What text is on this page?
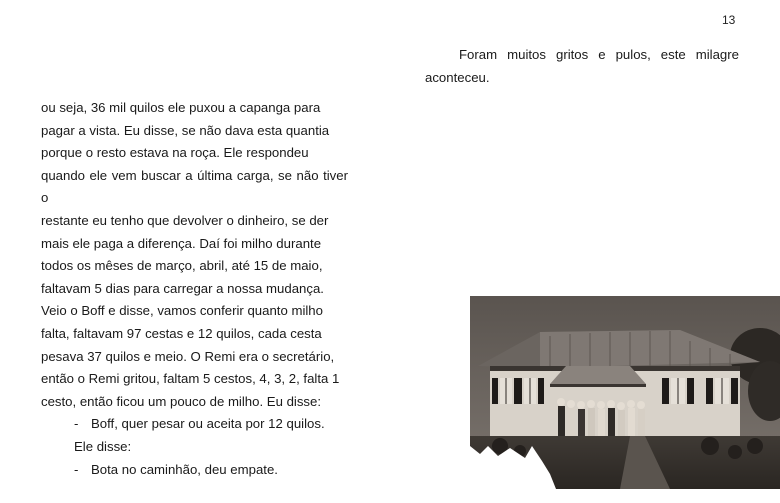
13

Foram muitos gritos e pulos, este milagre aconteceu.

ou seja, 36 mil quilos ele puxou a capanga para
pagar a vista. Eu disse, se não dava esta quantia
porque o resto estava na roça. Ele respondeu
quando ele vem buscar a última carga, se não tiver o
restante eu tenho que devolver o dinheiro, se der
mais ele paga a diferença. Daí foi milho durante
todos os mêses de março, abril, até 15 de maio,
faltavam 5 dias para carregar a nossa mudança.
Veio o Boff e disse, vamos conferir quanto milho
falta, faltavam 97 cestas e 12 quilos, cada cesta
pesava 37 quilos e meio. O Remi era o secretário,
então o Remi gritou, faltam 5 cestos, 4, 3, 2, falta 1
cesto, então ficou um pouco de milho. Eu disse:
- Boff, quer pesar ou aceita por 12 quilos.
Ele disse:
- Bota no caminhão, deu empate.
